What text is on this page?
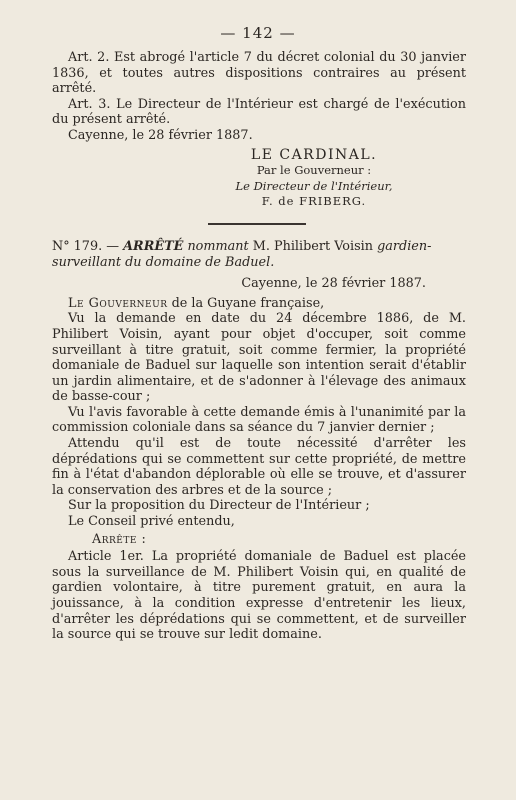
— 142 —

Art. 2. Est abrogé l'article 7 du décret colonial du 30 janvier 1836, et toutes autres dispositions contraires au présent arrêté.

Art. 3. Le Directeur de l'Intérieur est chargé de l'exécution du présent arrêté.

Cayenne, le 28 février 1887.

LE CARDINAL.

Par le Gouverneur :

Le Directeur de l'Intérieur,

F. de FRIBERG.

N° 179. — ARRÊTÉ nommant M. Philibert Voisin gardien-surveillant du domaine de Baduel.

Cayenne, le 28 février 1887.

Le Gouverneur de la Guyane française,

Vu la demande en date du 24 décembre 1886, de M. Philibert Voisin, ayant pour objet d'occuper, soit comme surveillant à titre gratuit, soit comme fermier, la propriété domaniale de Baduel sur laquelle son intention serait d'établir un jardin alimentaire, et de s'adonner à l'élevage des animaux de basse-cour ;

Vu l'avis favorable à cette demande émis à l'unanimité par la commission coloniale dans sa séance du 7 janvier dernier ;

Attendu qu'il est de toute nécessité d'arrêter les déprédations qui se commettent sur cette propriété, de mettre fin à l'état d'abandon déplorable où elle se trouve, et d'assurer la conservation des arbres et de la source ;

Sur la proposition du Directeur de l'Intérieur ;

Le Conseil privé entendu,

Arrête :

Article 1er. La propriété domaniale de Baduel est placée sous la surveillance de M. Philibert Voisin qui, en qualité de gardien volontaire, à titre purement gratuit, en aura la jouissance, à la condition expresse d'entretenir les lieux, d'arrêter les déprédations qui se commettent, et de surveiller la source qui se trouve sur ledit domaine.
